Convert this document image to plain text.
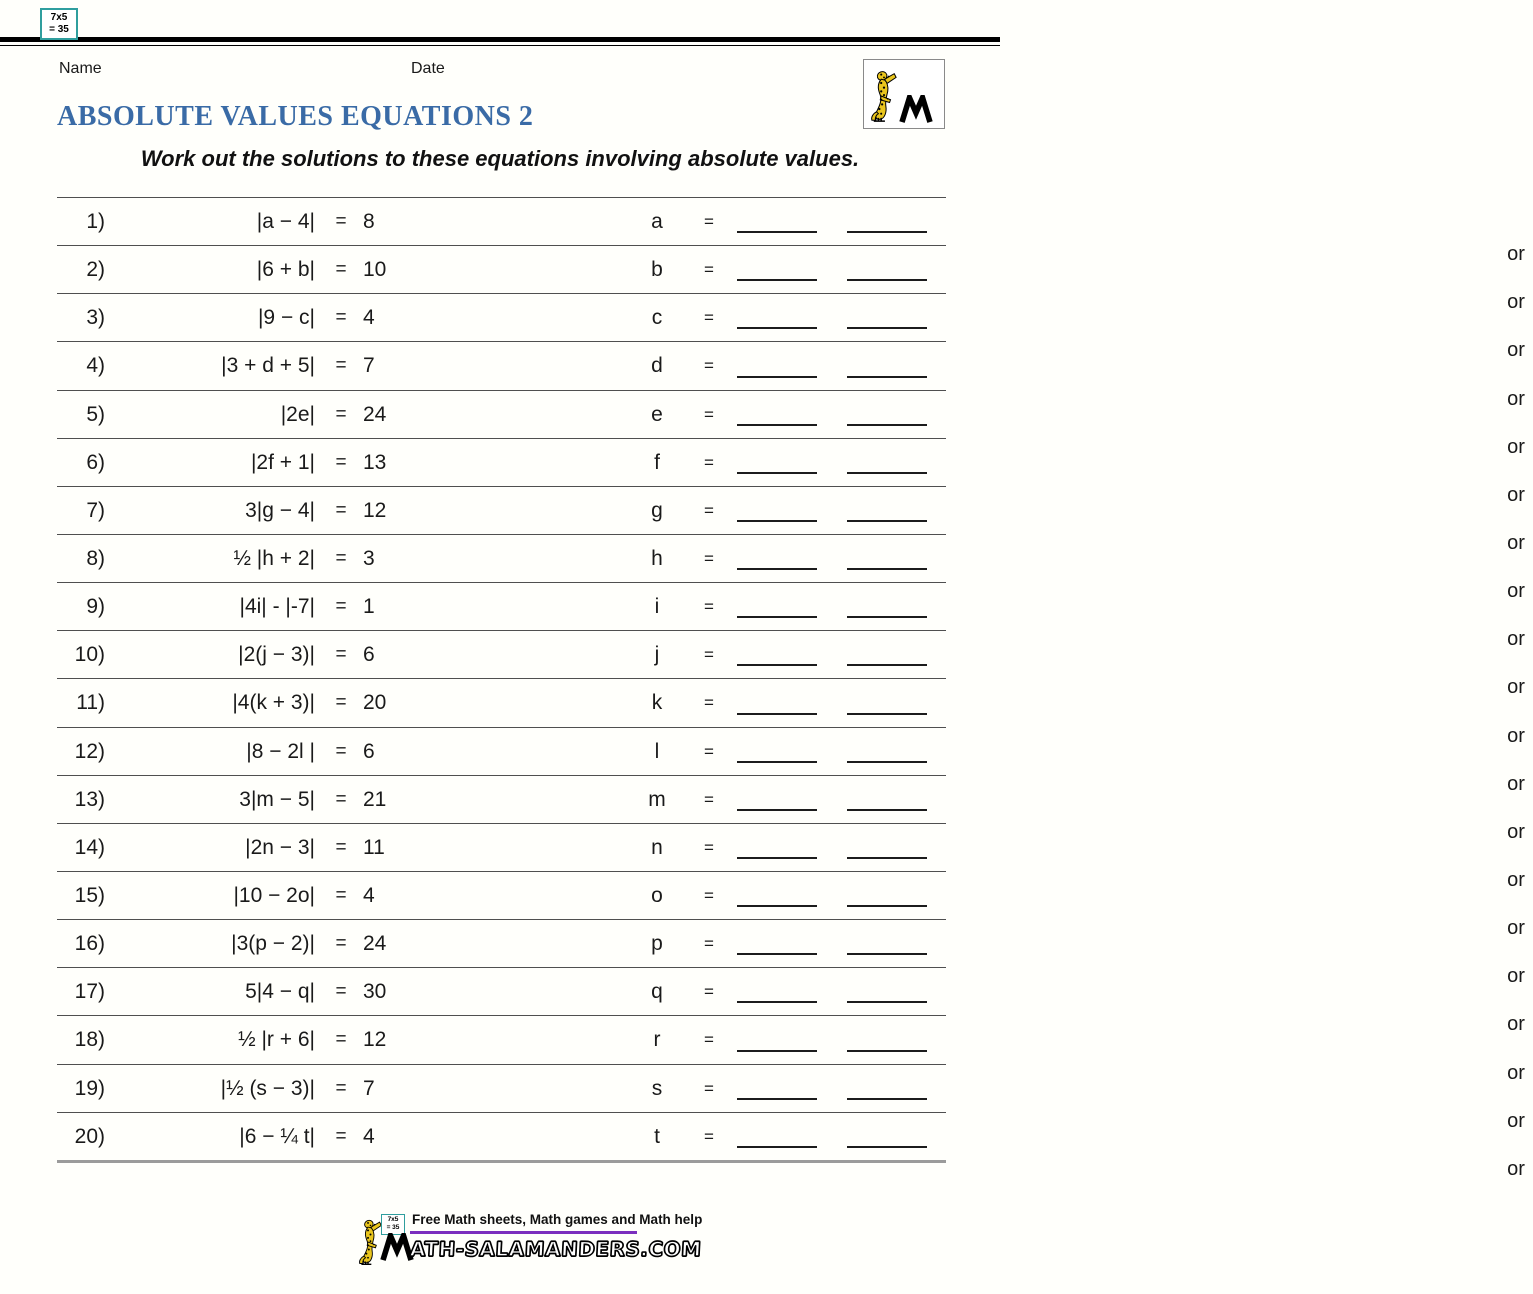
Name	Date
7x5
= 35
ABSOLUTE VALUES EQUATIONS 2
Work out the solutions to these equations involving absolute values.
1)	|a − 4|	= 8	a	=
or
2)	|6 + b|	= 10	b	=
or
3)	|9 − c|	= 4	c	=
or
4)	|3 + d + 5|	= 7	d	=
or
5)	|2e|	= 24	e	=
or
6)	|2f + 1|	= 13	f	=
or
7)	3|g − 4|	= 12	g	=
or
8)	½ |h + 2|	= 3	h	=
or
9)	|4i| - |-7|	= 1	i	=
or
10)	|2(j − 3)|	= 6	j	=
or
11)	|4(k + 3)|	= 20	k	=
or
12)	|8 − 2l |	= 6	l	=
or
13)	3|m − 5|	= 21	m	=
or
14)	|2n − 3|	= 11	n	=
or
15)	|10 − 2o|	= 4	o	=
or
16)	|3(p − 2)|	= 24	p	=
or
17)	5|4 − q|	= 30	q	=
or
18)	½ |r + 6|	= 12	r	=
or
19)	|½ (s − 3)|	= 7	s	=
or
20)	|6 − ¼ t|	= 4	t	=
or
7x5
= 35
Free Math sheets, Math games and Math help
ATH-SALAMANDERS.COM
